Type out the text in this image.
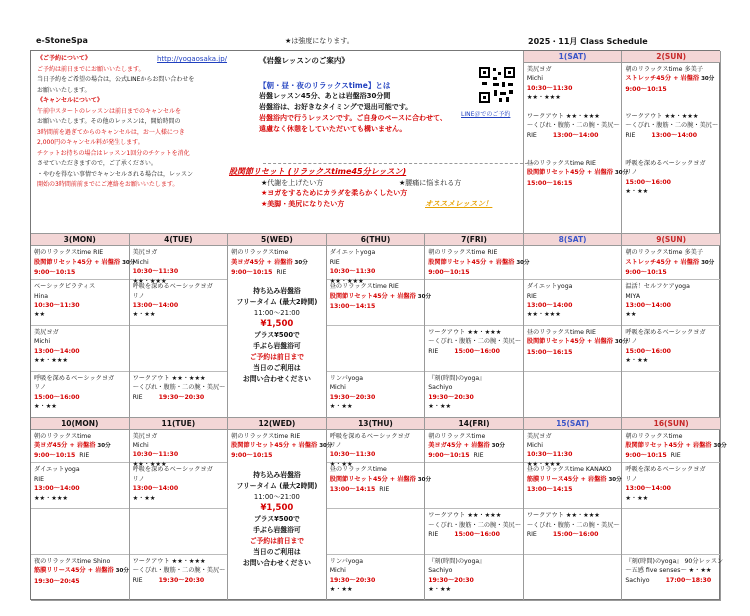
e-StoneSpa	★は強度になります。	2025・11月 Class Schedule
《ご予約について》
ご予約は前日までにお願いいたします。
当日予約をご希望の場合は，公式LINEからお問い合わせを
お願いいたします。
《キャンセルについて》
午前中スタートのレッスンは前日までのキャンセルを
お願いいたします。その他のレッスンは，開始時間の
3時間前を過ぎてからのキャンセルは，お一人様につき
2,000円のキャンセル料が発生します。
チケットお持ちの場合はレッスン1回分のチケットを消化
させていただきますので，ご了承ください。
・やむを得ない事情でキャンセルされる場合は，レッスン
開始の3時間前前までにご連絡をお願いいたします。
http://yogaosaka.jp/	《岩盤レッスンのご案内》
【朝・昼・夜のリラックスtime】とは
岩盤レッスン45分、あとは岩盤浴30分間
岩盤浴は、お好きなタイミングで退出可能です。
岩盤浴内で行うレッスンです。ご自身のペースに合わせて、
遠慮なく休憩をしていただいても構いません。
LINE＠でのご予約
股関節リセット (リラックスtime45分レッスン)
★代謝を上げたい方	★腰痛に悩まれる方
★ヨガをするためにカラダを柔らかくしたい方
★美脚・美尻になりたい方	オススメレッスン！
1(SAT)
美尻ヨガ
Michi
10:30～11:30
★★・★★★
ワークアウト ★★・★★★
～くびれ・腹筋・二の腕・美尻～
RIE	13:00～14:00
昼のリラックスtime RIE
股関節リセット45分 + 岩盤浴 30分
15:00～16:15
2(SUN)
朝のリラックスtime 多美子
ストレッチ45分 + 岩盤浴 30分
9:00～10:15
ワークアウト ★★・★★★
～くびれ・腹筋・二の腕・美尻～
RIE	13:00～14:00
呼吸を深めるベーシックヨガ
リノ
15:00～16:00
★・★★
3(MON)
朝のリラックスtime RIE
股関節リセット45分 + 岩盤浴 30分
9:00～10:15
ベーシックピラティス
Hina
10:30～11:30
★★
美尻ヨガ
Michi
13:00～14:00
★★・★★★
呼吸を深めるベーシックヨガ
リノ
15:00～16:00
★・★★
4(TUE)
美尻ヨガ
Michi
10:30～11:30
★★・★★★
呼吸を深めるベーシックヨガ
リノ
13:00～14:00
★・★★
ワークアウト ★★・★★★
～くびれ・腹筋・二の腕・美尻～
RIE	19:30～20:30
5(WED)
朝のリラックスtime
美ヨガ45分 + 岩盤浴 30分
9:00～10:15 RIE
持ち込み岩盤浴
フリータイム (最大2時間)
11:00～21:00
¥1,500
プラス¥500で
手ぶら岩盤浴可
ご予約は前日まで
当日のご利用は
お問い合わせください
6(THU)
ダイエットyoga
RIE
10:30～11:30
★★・★★★
昼のリラックスtime RIE
股関節リセット45分 + 岩盤浴 30分
13:00～14:15
リンパyoga
Michi
19:30～20:30
★・★★
7(FRI)
朝のリラックスtime RIE
股関節リセット45分 + 岩盤浴 30分
9:00～10:15
ワークアウト ★★・★★★
～くびれ・腹筋・二の腕・美尻～
RIE	15:00～16:00
『刻(時間)のyoga』
Sachiyo
19:30～20:30
★・★★
8(SAT)
ダイエットyoga
RIE
13:00～14:00
★★・★★★
昼のリラックスtime RIE
股関節リセット45分 + 岩盤浴 30分
15:00～16:15
9(SUN)
朝のリラックスtime 多美子
ストレッチ45分 + 岩盤浴 30分
9:00～10:15
温活！セルフケアyoga
MIYA
13:00～14:00
★★
呼吸を深めるベーシックヨガ
リノ
15:00～16:00
★・★★
10(MON)
朝のリラックスtime
美ヨガ45分 + 岩盤浴 30分
9:00～10:15 RIE
ダイエットyoga
RIE
13:00～14:00
★★・★★★
夜のリラックスtime Shino
筋膜リリース45分 + 岩盤浴 30分
19:30～20:45
11(TUE)
美尻ヨガ
Michi
10:30～11:30
★★・★★★
呼吸を深めるベーシックヨガ
リノ
13:00～14:00
★・★★
ワークアウト ★★・★★★
～くびれ・腹筋・二の腕・美尻～
RIE	19:30～20:30
12(WED)
朝のリラックスtime RIE
股関節リセット45分 + 岩盤浴 30分
9:00～10:15
持ち込み岩盤浴
フリータイム (最大2時間)
11:00～21:00
¥1,500
プラス¥500で
手ぶら岩盤浴可
ご予約は前日まで
当日のご利用は
お問い合わせください
13(THU)
呼吸を深めるベーシックヨガ
リノ
10:30～11:30
★・★★
昼のリラックスtime
股関節リセット45分 + 岩盤浴 30分
13:00～14:15 RIE
リンパyoga
Michi
19:30～20:30
★・★★
14(FRI)
朝のリラックスtime
美ヨガ45分 + 岩盤浴 30分
9:00～10:15 RIE
ワークアウト ★★・★★★
～くびれ・腹筋・二の腕・美尻～
RIE	15:00～16:00
『刻(時間)のyoga』
Sachiyo
19:30～20:30
★・★★
15(SAT)
美尻ヨガ
Michi
10:30～11:30
★★・★★★
昼のリラックスtime KANAKO
筋膜リリース45分 + 岩盤浴 30分
13:00～14:15
ワークアウト ★★・★★★
～くびれ・腹筋・二の腕・美尻～
RIE	15:00～16:00
16(SUN)
朝のリラックスtime
股関節リセット45分 + 岩盤浴 30分
9:00～10:15 RIE
呼吸を深めるベーシックヨガ
リノ
13:00～14:00
★・★★
『刻(時間)のyoga』 90分レッスン
～五感 five senses～ ★・★★
Sachiyo	17:00～18:30
